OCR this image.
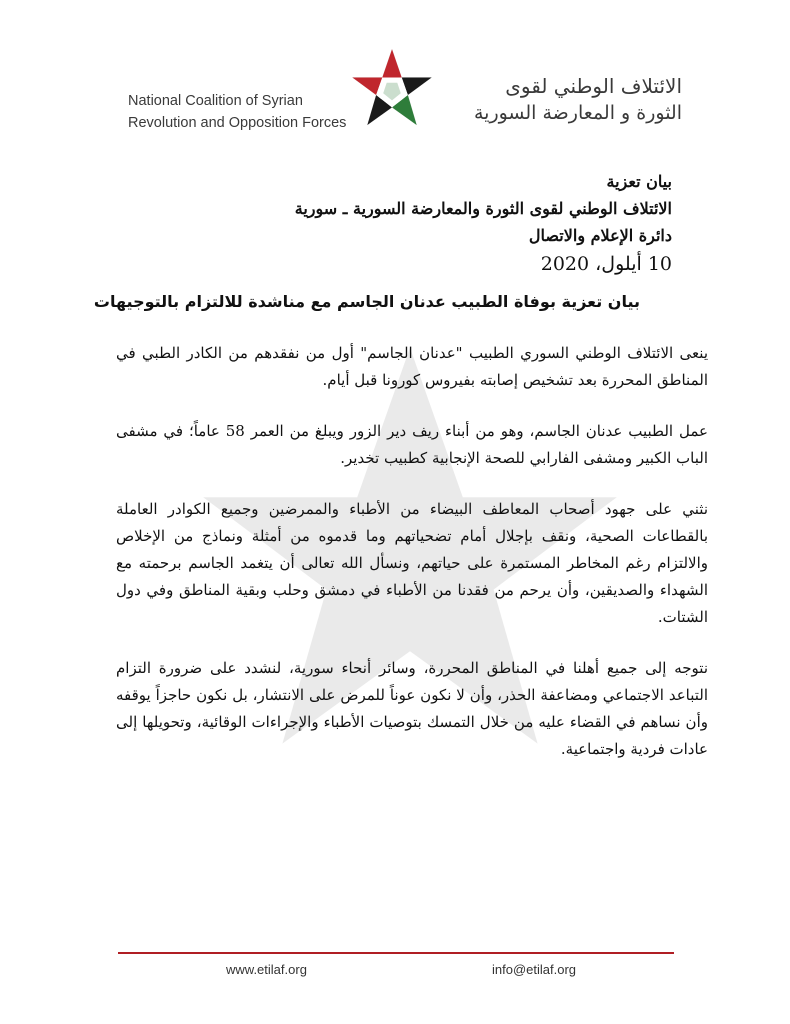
National Coalition of Syrian
Revolution and Opposition Forces
الائتلاف الوطني لقوى
الثورة و المعارضة السورية
بيان تعزية
الائتلاف الوطني لقوى الثورة والمعارضة السورية ـ سورية
دائرة الإعلام والاتصال
10 أيلول، 2020
بيان تعزية بوفاة الطبيب عدنان الجاسم مع مناشدة للالتزام بالتوجيهات

ينعى الائتلاف الوطني السوري الطبيب "عدنان الجاسم" أول من نفقدهم من الكادر الطبي في المناطق المحررة بعد تشخيص إصابته بفيروس كورونا قبل أيام.

عمل الطبيب عدنان الجاسم، وهو من أبناء ريف دير الزور ويبلغ من العمر 58 عاماً؛ في مشفى الباب الكبير ومشفى الفارابي للصحة الإنجابية كطبيب تخدير.

نثني على جهود أصحاب المعاطف البيضاء من الأطباء والممرضين وجميع الكوادر العاملة بالقطاعات الصحية، ونقف بإجلال أمام تضحياتهم وما قدموه من أمثلة ونماذج من الإخلاص والالتزام رغم المخاطر المستمرة على حياتهم، ونسأل الله تعالى أن يتغمد الجاسم برحمته مع الشهداء والصديقين، وأن يرحم من فقدنا من الأطباء في دمشق وحلب وبقية المناطق وفي دول الشتات.

نتوجه إلى جميع أهلنا في المناطق المحررة، وسائر أنحاء سورية، لنشدد على ضرورة التزام التباعد الاجتماعي ومضاعفة الحذر، وأن لا نكون عوناً للمرض على الانتشار، بل نكون حاجزاً يوقفه وأن نساهم في القضاء عليه من خلال التمسك بتوصيات الأطباء والإجراءات الوقائية، وتحويلها إلى عادات فردية واجتماعية.

www.etilaf.org	info@etilaf.org
